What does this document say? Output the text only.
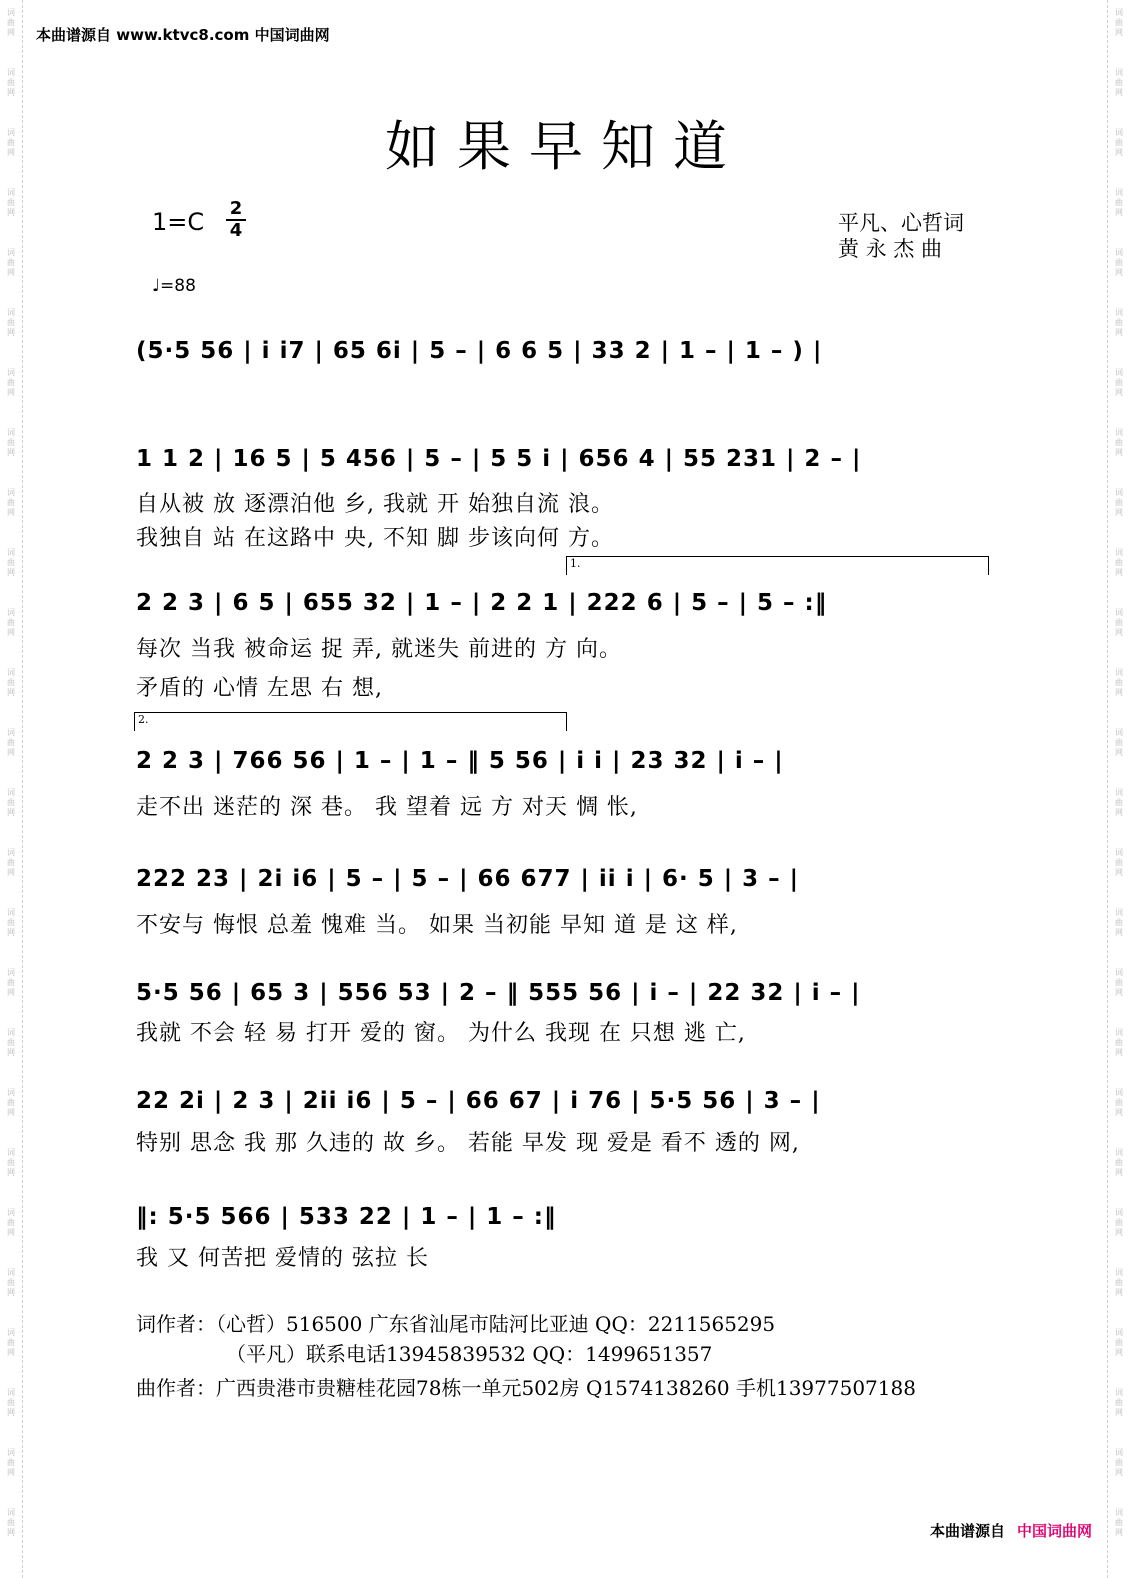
词
曲
网
词
曲
网
词
曲
网
词
曲
网
词
曲
网
词
曲
网
词
曲
网
词
曲
网
词
曲
网
词
曲
网
词
曲
网
词
曲
网
词
曲
网
词
曲
网
词
曲
网
词
曲
网
词
曲
网
词
曲
网
词
曲
网
词
曲
网
词
曲
网
词
曲
网
词
曲
网
词
曲
网
词
曲
网
词
曲
网
词
曲
网
词
曲
网
词
曲
网
词
曲
网
词
曲
网
词
曲
网
词
曲
网
词
曲
网
词
曲
网
词
曲
网
词
曲
网
词
曲
网
词
曲
网
词
曲
网
词
曲
网
词
曲
网
词
曲
网
词
曲
网
词
曲
网
词
曲
网
词
曲
网
词
曲
网
词
曲
网
词
曲
网
词
曲
网
词
曲
网
本曲谱源自 www.ktvc8.com 中国词曲网
如果早知道
1=C 2
4	平凡、心哲词
黄 永 杰 曲
♩=88
(5·5 56 | i i7 | 65 6i | 5 – | 6 6 5 | 33 2 | 1 – | 1 – ) |
1 1 2 | 16 5 | 5 456 | 5 – | 5 5 i | 656 4 | 55 231 | 2 – |
自从被 放 逐漂泊他 乡, 我就 开 始独自流 浪。
我独自 站 在这路中 央, 不知 脚 步该向何 方。
1.
2 2 3 | 6 5 | 655 32 | 1 – | 2 2 1 | 222 6 | 5 – | 5 – :‖
每次 当我 被命运 捉 弄, 就迷失 前进的 方 向。
矛盾的 心情 左思 右 想,
2.
2 2 3 | 766 56 | 1 – | 1 – ‖ 5 56 | i i | 23 32 | i – |
走不出 迷茫的 深 巷。 我 望着 远 方 对天 惆 怅,
222 23 | 2i i6 | 5 – | 5 – | 66 677 | ii i | 6· 5 | 3 – |
不安与 悔恨 总羞 愧难 当。 如果 当初能 早知 道 是 这 样,
5·5 56 | 65 3 | 556 53 | 2 – ‖ 555 56 | i – | 22 32 | i – |
我就 不会 轻 易 打开 爱的 窗。 为什么 我现 在 只想 逃 亡,
22 2i | 2 3 | 2ii i6 | 5 – | 66 67 | i 76 | 5·5 56 | 3 – |
特别 思念 我 那 久违的 故 乡。 若能 早发 现 爱是 看不 透的 网,
‖: 5·5 566 | 533 22 | 1 – | 1 – :‖
我 又 何苦把 爱情的 弦拉 长
词作者：（心哲）516500 广东省汕尾市陆河比亚迪 QQ：2211565295
（平凡）联系电话13945839532 QQ：1499651357
曲作者：广西贵港市贵糖桂花园78栋一单元502房 Q1574138260 手机13977507188
本曲谱源自 中国词曲网
